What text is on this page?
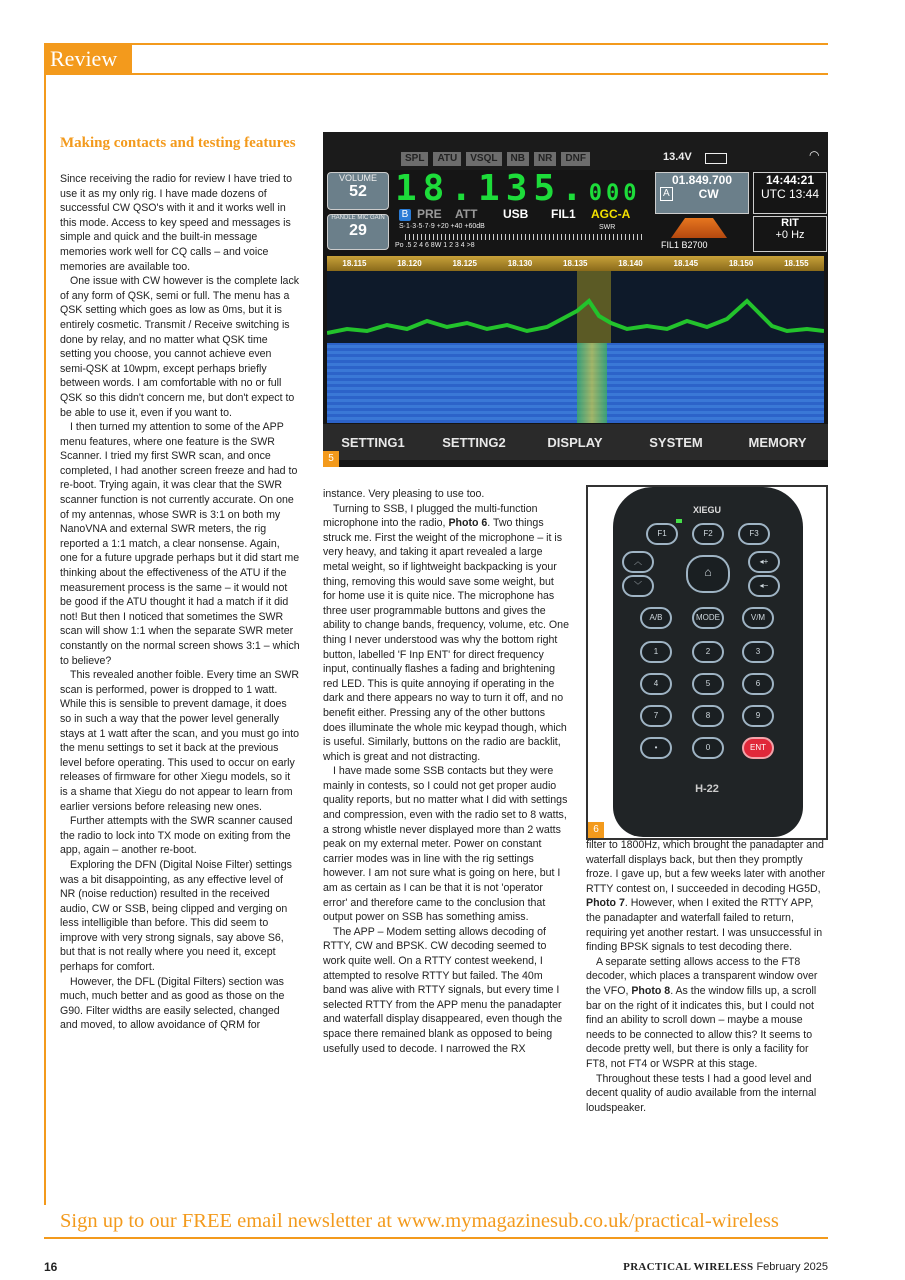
Review
Making contacts and testing features

Since receiving the radio for review I have tried to use it as my only rig. I have made dozens of successful CW QSO's with it and it works well in this mode. Access to key speed and messages is simple and quick and the built-in message memories work well for CQ calls – and voice memories are available too.

One issue with CW however is the complete lack of any form of QSK, semi or full. The menu has a QSK setting which goes as low as 0ms, but it is entirely cosmetic. Transmit / Receive switching is done by relay, and no matter what QSK time setting you choose, you cannot achieve even semi-QSK at 10wpm, except perhaps briefly between words. I am comfortable with no or full QSK so this didn't concern me, but don't expect to be able to use it, even if you want to.

I then turned my attention to some of the APP menu features, where one feature is the SWR Scanner. I tried my first SWR scan, and once completed, I had another screen freeze and had to re-boot. Trying again, it was clear that the SWR scanner function is not currently accurate. On one of my antennas, whose SWR is 3:1 on both my NanoVNA and external SWR meters, the rig reported a 1:1 match, a clear nonsense. Again, one for a future upgrade perhaps but it did start me thinking about the effectiveness of the ATU if the measurement process is the same – it would not be good if the ATU thought it had a match if it did not! But then I noticed that sometimes the SWR scan will show 1:1 when the separate SWR meter constantly on the normal screen shows 3:1 – which to believe?

This revealed another foible. Every time an SWR scan is performed, power is dropped to 1 watt. While this is sensible to prevent damage, it does so in such a way that the power level generally stays at 1 watt after the scan, and you must go into the menu settings to set it back at the previous level before operating. This used to occur on early releases of firmware for other Xiegu models, so it is a shame that Xiegu do not appear to learn from earlier versions before releasing new ones.

Further attempts with the SWR scanner caused the radio to lock into TX mode on exiting from the app, again – another re-boot.

Exploring the DFN (Digital Noise Filter) settings was a bit disappointing, as any effective level of NR (noise reduction) resulted in the received audio, CW or SSB, being clipped and verging on less intelligible than before. This did seem to improve with very strong signals, say above S6, but that is not really where you need it, except perhaps for comfort.

However, the DFL (Digital Filters) section was much, much better and as good as those on the G90. Filter widths are easily selected, changed and moved, to allow avoidance of QRM for

SPL	ATU	VSQL	NB	NR	DNF	13.4V	◠
VOLUME
52
HANDLE MIC GAIN
29
18.135.000
01.849.700
A	CW
14:44:21
UTC 13:44
B PRE ATT USB FIL1 AGC-A
FIL1 B2700
RIT
+0 Hz
S·1·3·5·7·9 +20 +40 +60dB	SWR
Po .5 2 4 6 8W 1 2 3 4 >8
18.115	18.120	18.125	18.130	18.135	18.140	18.145	18.150	18.155
SETTING1	SETTING2	DISPLAY	SYSTEM	MEMORY
5

instance. Very pleasing to use too.

Turning to SSB, I plugged the multi-function microphone into the radio, Photo 6. Two things struck me. First the weight of the microphone – it is very heavy, and taking it apart revealed a large metal weight, so if lightweight backpacking is your thing, removing this would save some weight, but for home use it is quite nice. The microphone has three user programmable buttons and gives the ability to change bands, frequency, volume, etc. One thing I never understood was why the bottom right button, labelled 'F Inp ENT' for direct frequency input, continually flashes a fading and brightening red LED. This is quite annoying if operating in the dark and there appears no way to turn it off, and no benefit either. Pressing any of the other buttons does illuminate the whole mic keypad though, which is useful. Similarly, buttons on the radio are backlit, which is great and not distracting.

I have made some SSB contacts but they were mainly in contests, so I could not get proper audio quality reports, but no matter what I did with settings and compression, even with the radio set to 8 watts, a strong whistle never displayed more than 2 watts peak on my external meter. Power on constant carrier modes was in line with the rig settings however. I am not sure what is going on here, but I am as certain as I can be that it is not 'operator error' and therefore came to the conclusion that output power on SSB has something amiss.

The APP – Modem setting allows decoding of RTTY, CW and BPSK. CW decoding seemed to work quite well. On a RTTY contest weekend, I attempted to resolve RTTY but failed. The 40m band was alive with RTTY signals, but every time I selected RTTY from the APP menu the panadapter and waterfall display disappeared, even though the space there remained blank as opposed to being usefully used to decode. I narrowed the RX

XIEGU
F1	F2	F3
︿
﹀
⌂
◂+
◂−
A/B	MODE	V/M
1	2	3
4	5	6
7	8	9
•	0	ENT
H-22
6

filter to 1800Hz, which brought the panadapter and waterfall displays back, but then they promptly froze. I gave up, but a few weeks later with another RTTY contest on, I succeeded in decoding HG5D, Photo 7. However, when I exited the RTTY APP, the panadapter and waterfall failed to return, requiring yet another restart. I was unsuccessful in finding BPSK signals to test decoding there.

A separate setting allows access to the FT8 decoder, which places a transparent window over the VFO, Photo 8. As the window fills up, a scroll bar on the right of it indicates this, but I could not find an ability to scroll down – maybe a mouse needs to be connected to allow this? It seems to decode pretty well, but there is only a facility for FT8, not FT4 or WSPR at this stage.

Throughout these tests I had a good level and decent quality of audio available from the internal loudspeaker.

Sign up to our FREE email newsletter at www.mymagazinesub.co.uk/practical-wireless
16	PRACTICAL WIRELESS February 2025
